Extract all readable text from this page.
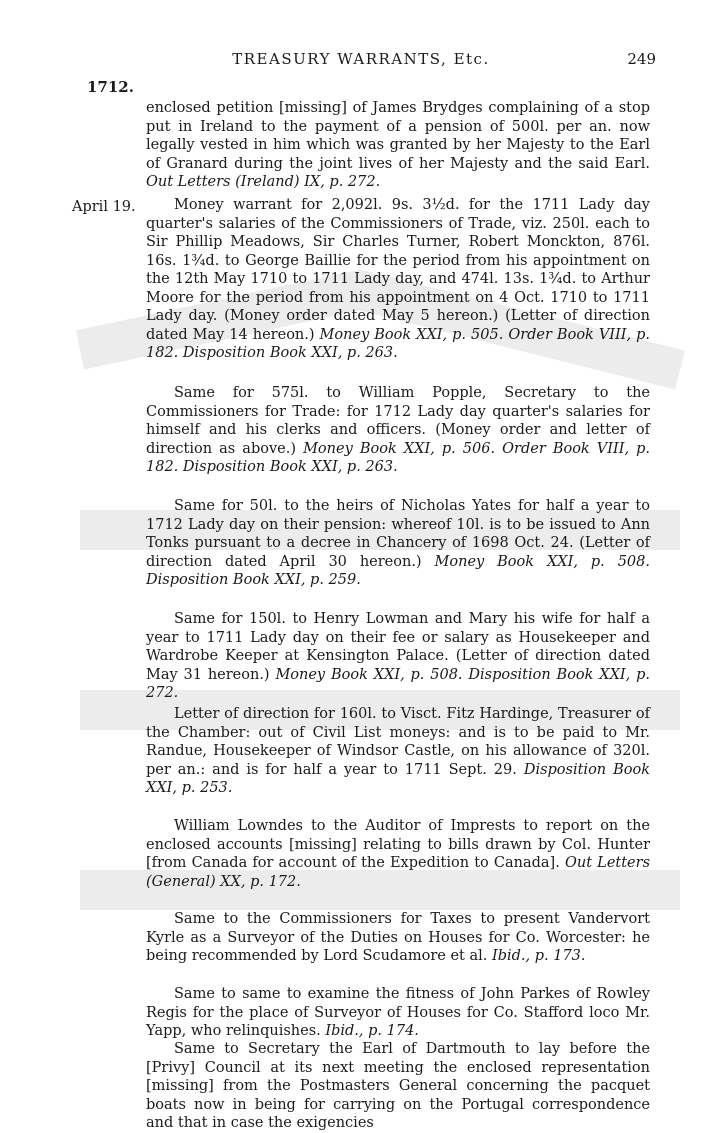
TREASURY WARRANTS, Etc.	249
1712.
April 19.

enclosed petition [missing] of James Brydges complaining of a stop put in Ireland to the payment of a pension of 500l. per an. now legally vested in him which was granted by her Majesty to the Earl of Granard during the joint lives of her Majesty and the said Earl. Out Letters (Ireland) IX, p. 272.

Money warrant for 2,092l. 9s. 3½d. for the 1711 Lady day quarter's salaries of the Commissioners of Trade, viz. 250l. each to Sir Phillip Meadows, Sir Charles Turner, Robert Monckton, 876l. 16s. 1¾d. to George Baillie for the period from his appointment on the 12th May 1710 to 1711 Lady day, and 474l. 13s. 1¾d. to Arthur Moore for the period from his appointment on 4 Oct. 1710 to 1711 Lady day. (Money order dated May 5 hereon.) (Letter of direction dated May 14 hereon.) Money Book XXI, p. 505. Order Book VIII, p. 182. Disposition Book XXI, p. 263.

Same for 575l. to William Popple, Secretary to the Commissioners for Trade: for 1712 Lady day quarter's salaries for himself and his clerks and officers. (Money order and letter of direction as above.) Money Book XXI, p. 506. Order Book VIII, p. 182. Disposition Book XXI, p. 263.

Same for 50l. to the heirs of Nicholas Yates for half a year to 1712 Lady day on their pension: whereof 10l. is to be issued to Ann Tonks pursuant to a decree in Chancery of 1698 Oct. 24. (Letter of direction dated April 30 hereon.) Money Book XXI, p. 508. Disposition Book XXI, p. 259.

Same for 150l. to Henry Lowman and Mary his wife for half a year to 1711 Lady day on their fee or salary as Housekeeper and Wardrobe Keeper at Kensington Palace. (Letter of direction dated May 31 hereon.) Money Book XXI, p. 508. Disposition Book XXI, p. 272.

Letter of direction for 160l. to Visct. Fitz Hardinge, Treasurer of the Chamber: out of Civil List moneys: and is to be paid to Mr. Randue, Housekeeper of Windsor Castle, on his allowance of 320l. per an.: and is for half a year to 1711 Sept. 29. Disposition Book XXI, p. 253.

William Lowndes to the Auditor of Imprests to report on the enclosed accounts [missing] relating to bills drawn by Col. Hunter [from Canada for account of the Expedition to Canada]. Out Letters (General) XX, p. 172.

Same to the Commissioners for Taxes to present Vandervort Kyrle as a Surveyor of the Duties on Houses for Co. Worcester: he being recommended by Lord Scudamore et al. Ibid., p. 173.

Same to same to examine the fitness of John Parkes of Rowley Regis for the place of Surveyor of Houses for Co. Stafford loco Mr. Yapp, who relinquishes. Ibid., p. 174.

Same to Secretary the Earl of Dartmouth to lay before the [Privy] Council at its next meeting the enclosed representation [missing] from the Postmasters General concerning the pacquet boats now in being for carrying on the Portugal correspondence and that in case the exigencies
